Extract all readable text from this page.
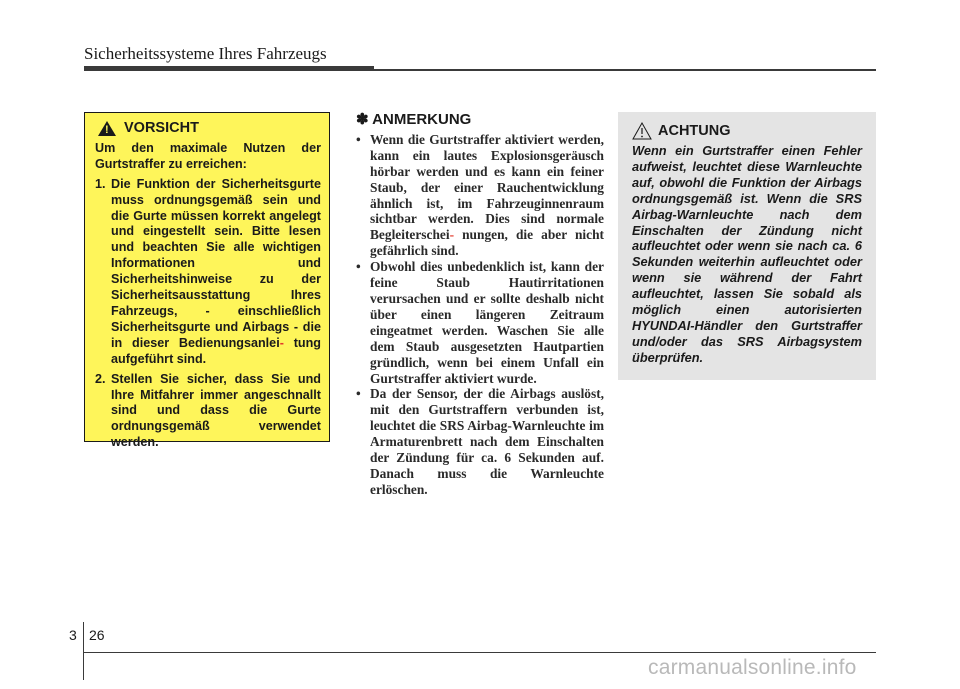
Sicherheitssysteme Ihres Fahrzeugs
!
VORSICHT
Um den maximale Nutzen der Gurtstraffer zu erreichen:
1. Die Funktion der Sicherheitsgurte muss ordnungsgemäß sein und die Gurte müssen korrekt angelegt und eingestellt sein. Bitte lesen und beachten Sie alle wichtigen Informationen und Sicherheitshinweise zu der Sicherheitsausstattung Ihres Fahrzeugs, - einschließlich Sicherheitsgurte und Airbags - die in dieser Bedienungsanlei- tung aufgeführt sind.
2. Stellen Sie sicher, dass Sie und Ihre Mitfahrer immer angeschnallt sind und dass die Gurte ordnungsgemäß verwendet werden.
✽ ANMERKUNG
• Wenn die Gurtstraffer aktiviert werden, kann ein lautes Explosionsgeräusch hörbar werden und es kann ein feiner Staub, der einer Rauchentwicklung ähnlich ist, im Fahrzeuginnenraum sichtbar werden. Dies sind normale Begleiterschei- nungen, die aber nicht gefährlich sind.
• Obwohl dies unbedenklich ist, kann der feine Staub Hautirritationen verursachen und er sollte deshalb nicht über einen längeren Zeitraum eingeatmet werden. Waschen Sie alle dem Staub ausgesetzten Hautpartien gründlich, wenn bei einem Unfall ein Gurtstraffer aktiviert wurde.
• Da der Sensor, der die Airbags auslöst, mit den Gurtstraffern verbunden ist, leuchtet die SRS Airbag-Warnleuchte im Armaturenbrett nach dem Einschalten der Zündung für ca. 6 Sekunden auf. Danach muss die Warnleuchte erlöschen.
ACHTUNG
Wenn ein Gurtstraffer einen Fehler aufweist, leuchtet diese Warnleuchte auf, obwohl die Funktion der Airbags ordnungsgemäß ist. Wenn die SRS Airbag-Warnleuchte nach dem Einschalten der Zündung nicht aufleuchtet oder wenn sie nach ca. 6 Sekunden weiterhin aufleuchtet oder wenn sie während der Fahrt aufleuchtet, lassen Sie sobald als möglich einen autorisierten HYUNDAI-Händler den Gurtstraffer und/oder das SRS Airbagsystem überprüfen.
3 26
carmanualsonline.info
